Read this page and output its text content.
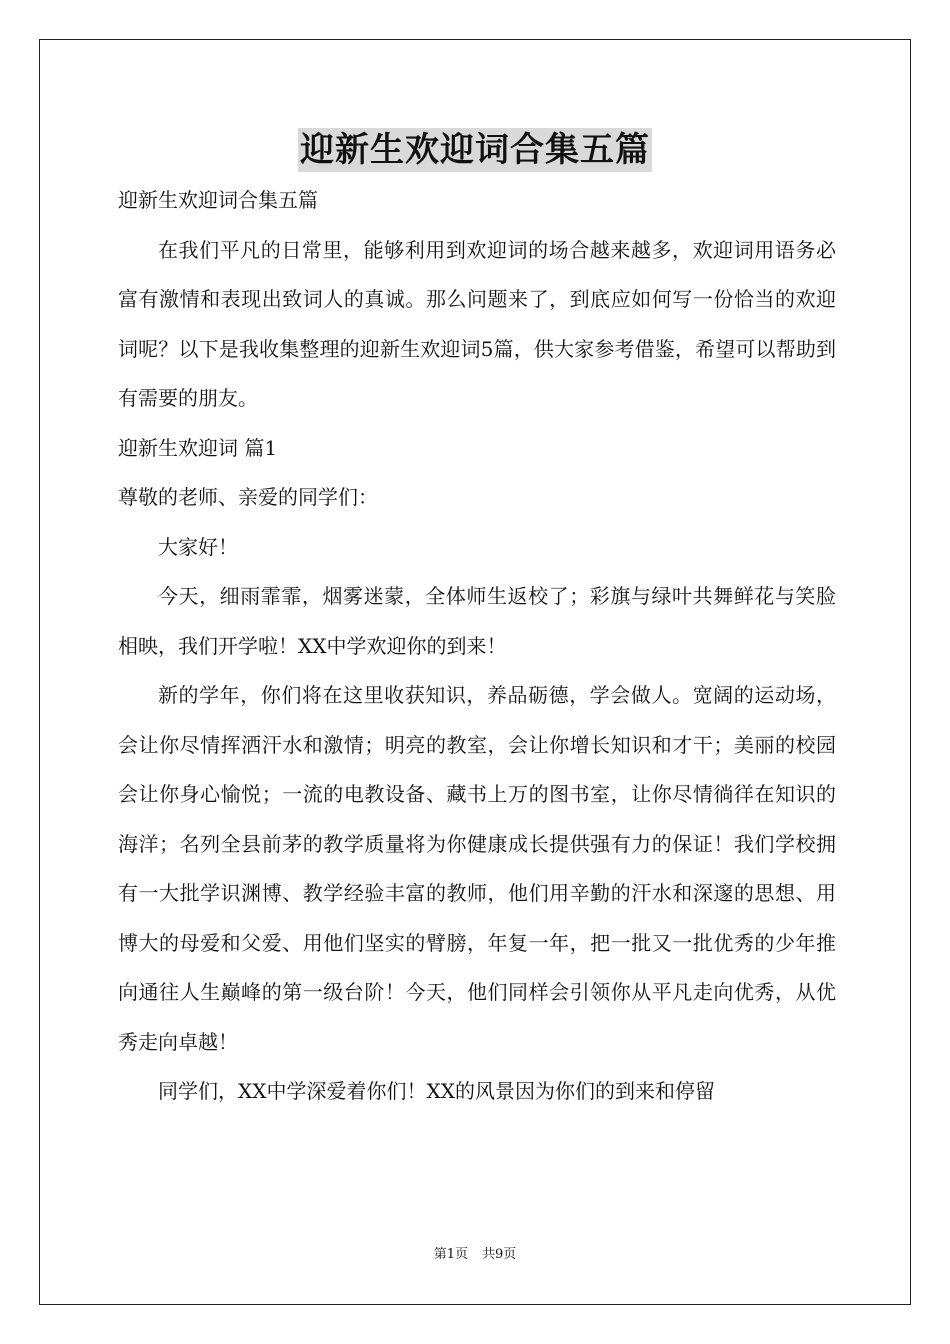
迎新生欢迎词合集五篇

迎新生欢迎词合集五篇

在我们平凡的日常里，能够利用到欢迎词的场合越来越多，欢迎词用语务必富有激情和表现出致词人的真诚。那么问题来了，到底应如何写一份恰当的欢迎词呢？以下是我收集整理的迎新生欢迎词5篇，供大家参考借鉴，希望可以帮助到有需要的朋友。

迎新生欢迎词 篇1

尊敬的老师、亲爱的同学们：

大家好！

今天，细雨霏霏，烟雾迷蒙，全体师生返校了；彩旗与绿叶共舞鲜花与笑脸相映，我们开学啦！XX中学欢迎你的到来！

新的学年，你们将在这里收获知识，养品砺德，学会做人。宽阔的运动场，会让你尽情挥洒汗水和激情；明亮的教室，会让你增长知识和才干；美丽的校园会让你身心愉悦；一流的电教设备、藏书上万的图书室，让你尽情徜徉在知识的海洋；名列全县前茅的教学质量将为你健康成长提供强有力的保证！我们学校拥有一大批学识渊博、教学经验丰富的教师，他们用辛勤的汗水和深邃的思想、用博大的母爱和父爱、用他们坚实的臂膀，年复一年，把一批又一批优秀的少年推向通往人生巅峰的第一级台阶！今天，他们同样会引领你从平凡走向优秀，从优秀走向卓越！

同学们，XX中学深爱着你们！XX的风景因为你们的到来和停留

第1页 共9页
